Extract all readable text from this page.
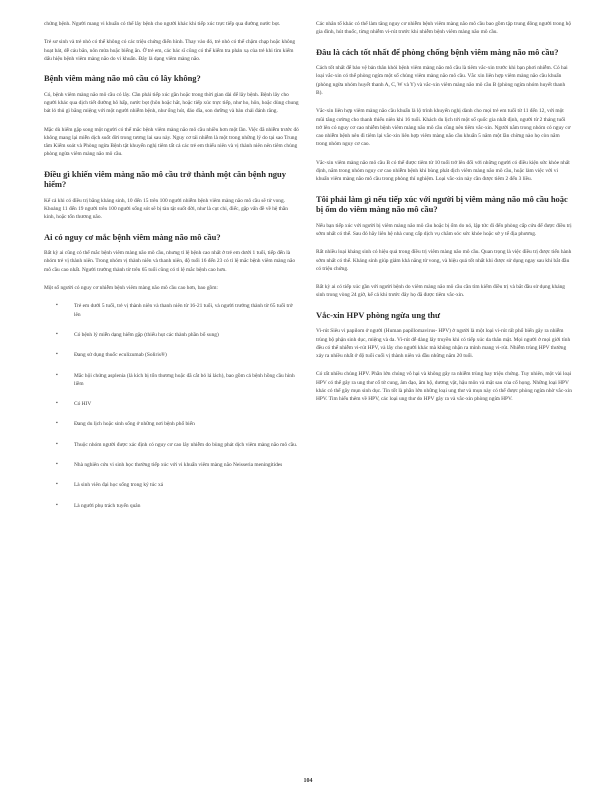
chứng bệnh. Người mang vi khuẩn có thể lây bệnh cho người khác khi tiếp xúc trực tiếp qua đường nước bọt.

Trẻ sơ sinh và trẻ nhỏ có thể không có các triệu chứng điển hình. Thay vào đó, trẻ nhỏ có thể chậm chạp hoặc không hoạt bát, dễ cáu bẳn, nôn mửa hoặc biếng ăn. Ở trẻ em, các bác sĩ cũng có thể kiểm tra phản xạ của trẻ khi tìm kiếm dấu hiệu bệnh viêm màng não do vi khuẩn. Đây là dạng viêm màng não.

Bệnh viêm màng não mô cầu có lây không?

Có, bệnh viêm màng não mô cầu có lây. Cần phải tiếp xúc gần hoặc trong thời gian dài để lây bệnh. Bệnh lây cho người khác qua dịch tiết đường hô hấp, nước bọt (hôn hoặc hắt, hoặc tiếp xúc trực tiếp, như ho, hôn, hoặc dùng chung bát lỏ thủ gì bằng miệng với một người nhiễm bệnh, như ống hút, đáo dĩa, son dưỡng và bàn chải đánh răng.

Mặc dù hiếm gặp song một người có thể mắc bệnh viêm màng não mô cầu nhiều hơn một lần. Việc đã nhiễm trước đó không mang lại miễn dịch suốt đời trong tương lai sau này. Nguy cơ tái nhiễm là một trong những lý do tại sao Trung tâm Kiểm soát và Phòng ngừa Bệnh tật khuyến nghị tiêm tất cả các trẻ em thiếu niên và vị thành niên nên tiêm chủng phòng ngừa viêm màng não mô cầu.

Điều gì khiến viêm màng não mô cầu trở thành một căn bệnh nguy hiểm?

Kể cả khi có điều trị bằng kháng sinh, 10 đến 15 trên 100 người nhiễm bệnh viêm màng não mô cầu sẽ tử vong. Khoảng 11 đến 19 người trên 100 người sống sót sẽ bị tàn tật suốt đời, như là cụt chi, điếc, gặp vấn đề về hệ thần kinh, hoặc tổn thương não.

Ai có nguy cơ mắc bệnh viêm màng não mô cầu?

Bất kỳ ai cũng có thể mắc bệnh viêm màng não mô cầu, nhưng tỉ lệ bệnh cao nhất ở trẻ em dưới 1 tuổi, tiếp đến là nhóm trẻ vị thành niên. Trong nhóm vị thành niên và thanh niên, độ tuổi 16 đến 23 có tỉ lệ mắc bệnh viêm màng não mô cầu cao nhất. Người trưởng thành từ trên 65 tuổi cũng có tỉ lệ mắc bệnh cao hơn.

Một số người có nguy cơ nhiễm bệnh viêm màng não mô cầu cao hơn, bao gồm:

▪ Trẻ em dưới 5 tuổi, trẻ vị thành niên và thanh niên từ 16-21 tuổi, và người trưởng thành từ 65 tuổi trở lên
▪ Có bệnh lý miễn dạng hiếm gặp (thiếu hụt các thành phần bổ sung)
▪ Đang sử dụng thuốc eculizumab (Soliris®)
▪ Mắc hội chứng asplenia (là kích bị tổn thương hoặc đã cắt bỏ lá lách), bao gồm cả bệnh hồng cầu hình liềm
▪ Có HIV
▪ Đang du lịch hoặc sinh sống ở những nơi bệnh phổ biến
▪ Thuộc nhóm người được xác định có nguy cơ cao lây nhiễm do bùng phát dịch viêm màng não mô cầu.
▪ Nhà nghiên cứu vi sinh học thường tiếp xúc với vi khuẩn viêm màng não Neisseria meningitides
▪ Là sinh viên đại học sống trong ký túc xá
▪ Là người phụ trách tuyển quân

Các nhân tố khác có thể làm tăng nguy cơ nhiễm bệnh viêm màng não mô cầu bao gồm tập trung đông người trong hộ gia đình, hút thuốc, từng nhiễm vi-rút trước khi nhiễm bệnh viêm màng não mô cầu.

Đâu là cách tốt nhất để phòng chống bệnh viêm màng não mô cầu?

Cách tốt nhất để bảo vệ bản thân khỏi bệnh viêm màng não mô cầu là tiêm vắc-xin trước khi bạn phơi nhiễm. Có hai loại vắc-xin có thể phòng ngừa một số chủng viêm màng não mô cầu. Vắc xin liên hợp viêm màng não cầu khuẩn (phòng ngừa nhóm huyết thanh A, C, W và Y) và vắc-xin viêm màng não mô cầu B (phòng ngừa nhóm huyết thanh B).

Vắc-xin liên hợp viêm màng não cầu khuẩn là lộ trình khuyến nghị dành cho mọi trẻ em tuổi từ 11 đến 12, với một mũi tăng cường cho thanh thiếu niên khi 16 tuổi. Khách du lịch tới một số quốc gia nhất định, người từ 2 tháng tuổi trở lên có nguy cơ cao nhiễm bệnh viêm màng não mô cầu cũng nên tiêm vắc-xin. Người nằm trong nhóm có nguy cơ cao nhiễm bệnh nên đi tiêm lại vắc-xin liên hợp viêm màng não cầu khuẩn 5 năm một lần chừng nào họ còn nằm trong nhóm nguy cơ cao.

Vắc-xin viêm màng não mô cầu B có thể được tiêm từ 10 tuổi trở lên đối với những người có điều kiện sức khỏe nhất định, nằm trong nhóm nguy cơ cao nhiễm bệnh khi bùng phát dịch viêm màng não mô cầu, hoặc làm việc với vi khuẩn viêm màng não mô cầu trong phòng thí nghiệm. Loại vắc-xin này cần được tiêm 2 đến 3 liều.

Tôi phải làm gì nếu tiếp xúc với người bị viêm màng não mô cầu hoặc bị ốm do viêm màng não mô cầu?

Nếu bạn tiếp xúc với người bị viêm màng não mô cầu hoặc bị ốm do nó, lập tức đi đến phòng cấp cứu để được điều trị sớm nhất có thể. Sau đó hãy liên hệ nhà cung cấp dịch vụ chăm sóc sức khỏe hoặc sở y tế địa phương.

Rất nhiều loại kháng sinh có hiệu quả trong điều trị viêm màng não mô cầu. Quan trọng là việc điều trị được tiến hành sớm nhất có thể. Kháng sinh giúp giảm khả năng tử vong, và hiệu quả tốt nhất khi được sử dụng ngay sau khi bắt đầu có triệu chứng.

Bất kỳ ai có tiếp xúc gần với người bệnh do viêm màng não mô cầu cần tìm kiếm điều trị và bắt đầu sử dụng kháng sinh trong vòng 24 giờ, kể cả khi trước đây họ đã được tiêm vắc-xin.

Vắc-xin HPV phòng ngừa ung thư

Vi-rút Siêu vi papilom ở người (Human papillomavirus- HPV) ở người là một loại vi-rút rất phổ biến gây ra nhiễm trùng bộ phận sinh dục, miệng và da. Vi-rút dễ dàng lây truyền khi có tiếp xúc da thân mật. Mọi người ở mọi giới tính đều có thể nhiễm vi-rút HPV, và lây cho người khác mà không nhận ra mình mang vi-rút. Nhiễm trùng HPV thường xảy ra nhiều nhất ở độ tuổi cuối vị thành niên và đầu những năm 20 tuổi.

Có rất nhiều chủng HPV. Phần lớn chúng vô hại và không gây ra nhiễm trùng hay triệu chứng. Tuy nhiên, một vài loại HPV có thể gây ra ung thư cổ tử cung, âm đạo, âm hộ, dương vật, hậu môn và mặt sau của cổ họng. Những loại HPV khác có thể gây mụn sinh dục. Tin tốt là phần lớn những loại ung thư và mụn này có thể được phòng ngừa nhờ vắc-xin HPV. Tìm hiểu thêm về HPV, các loại ung thư do HPV gây ra và vắc-xin phòng ngừa HPV.

104
